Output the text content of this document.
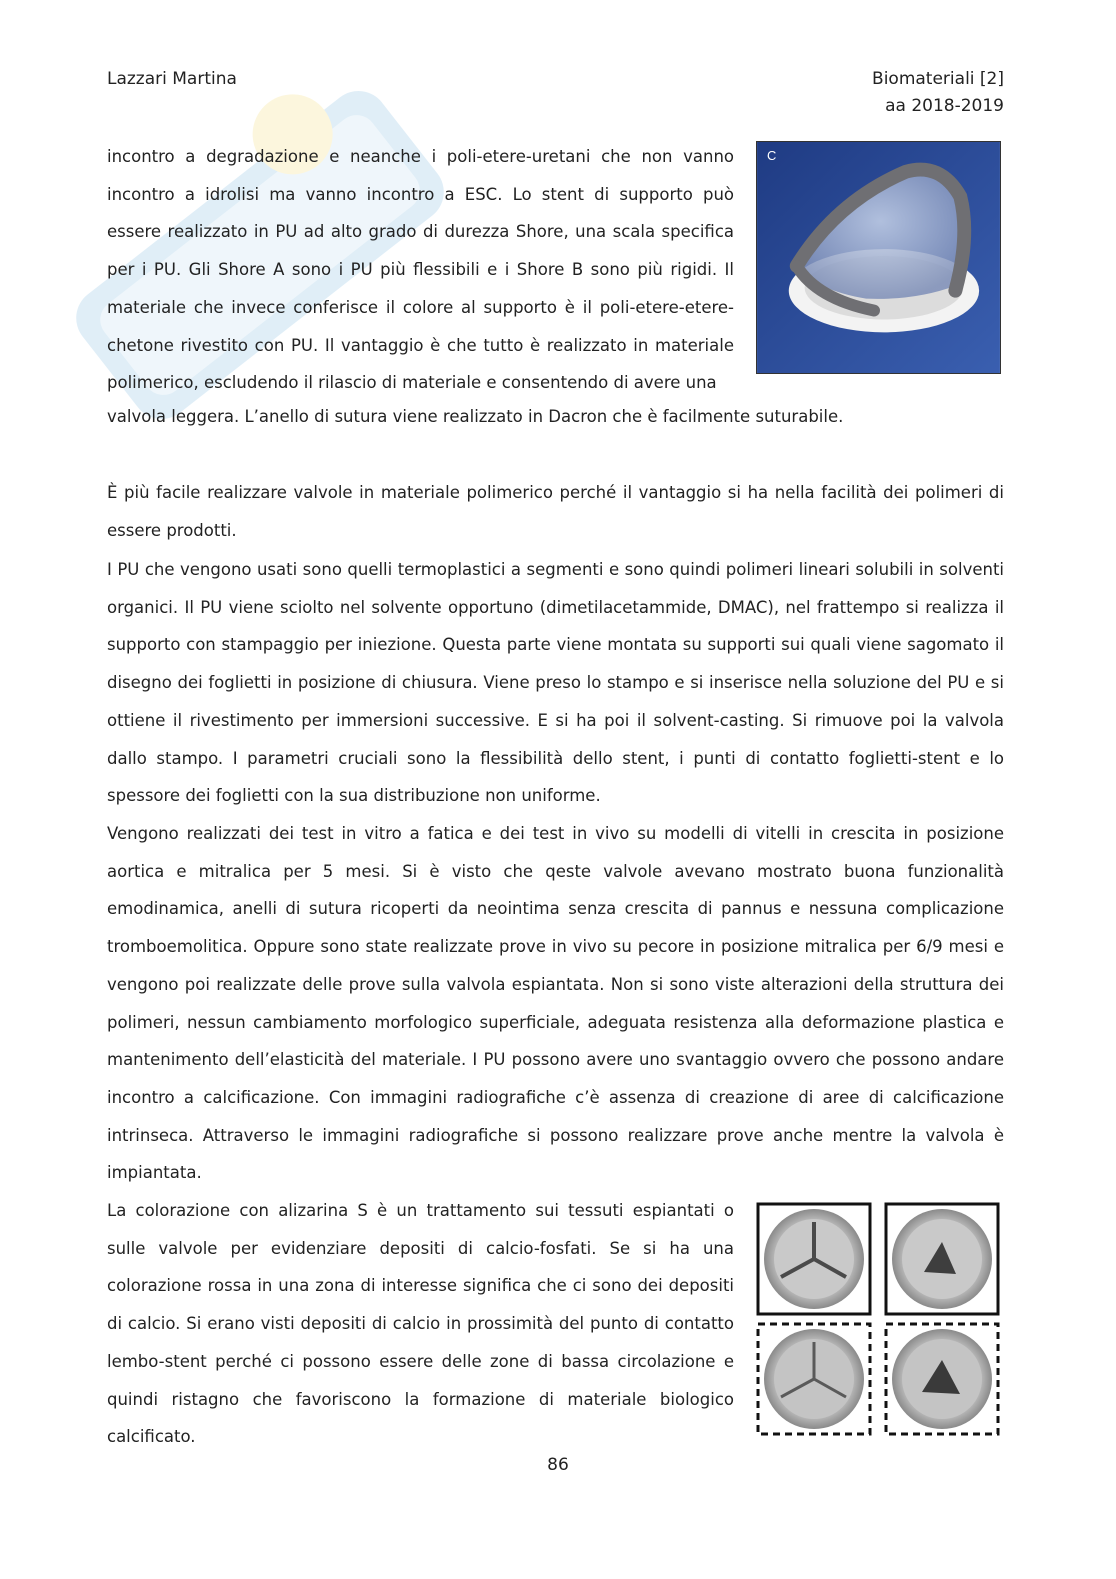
Lazzari Martina	Biomateriali [2]
aa 2018-2019
C

incontro a degradazione e neanche i poli-etere-uretani che non vanno incontro a idrolisi ma vanno incontro a ESC. Lo stent di supporto può essere realizzato in PU ad alto grado di durezza Shore, una scala specifica per i PU. Gli Shore A sono i PU più flessibili e i Shore B sono più rigidi. Il materiale che invece conferisce il colore al supporto è il poli-etere-etere-chetone rivestito con PU. Il vantaggio è che tutto è realizzato in materiale polimerico, escludendo il rilascio di materiale e consentendo di avere una

valvola leggera. L’anello di sutura viene realizzato in Dacron che è facilmente suturabile.

È più facile realizzare valvole in materiale polimerico perché il vantaggio si ha nella facilità dei polimeri di essere prodotti.

I PU che vengono usati sono quelli termoplastici a segmenti e sono quindi polimeri lineari solubili in solventi organici. Il PU viene sciolto nel solvente opportuno (dimetilacetammide, DMAC), nel frattempo si realizza il supporto con stampaggio per iniezione. Questa parte viene montata su supporti sui quali viene sagomato il disegno dei foglietti in posizione di chiusura. Viene preso lo stampo e si inserisce nella soluzione del PU e si ottiene il rivestimento per immersioni successive. E si ha poi il solvent-casting. Si rimuove poi la valvola dallo stampo. I parametri cruciali sono la flessibilità dello stent, i punti di contatto foglietti-stent e lo spessore dei foglietti con la sua distribuzione non uniforme.

Vengono realizzati dei test in vitro a fatica e dei test in vivo su modelli di vitelli in crescita in posizione aortica e mitralica per 5 mesi. Si è visto che qeste valvole avevano mostrato buona funzionalità emodinamica, anelli di sutura ricoperti da neointima senza crescita di pannus e nessuna complicazione tromboemolitica. Oppure sono state realizzate prove in vivo su pecore in posizione mitralica per 6/9 mesi e vengono poi realizzate delle prove sulla valvola espiantata. Non si sono viste alterazioni della struttura dei polimeri, nessun cambiamento morfologico superficiale, adeguata resistenza alla deformazione plastica e mantenimento dell’elasticità del materiale. I PU possono avere uno svantaggio ovvero che possono andare incontro a calcificazione. Con immagini radiografiche c’è assenza di creazione di aree di calcificazione intrinseca. Attraverso le immagini radiografiche si possono realizzare prove anche mentre la valvola è impiantata.

La colorazione con alizarina S è un trattamento sui tessuti espiantati o sulle valvole per evidenziare depositi di calcio-fosfati. Se si ha una colorazione rossa in una zona di interesse significa che ci sono dei depositi di calcio. Si erano visti depositi di calcio in prossimità del punto di contatto lembo-stent perché ci possono essere delle zone di bassa circolazione e quindi ristagno che favoriscono la formazione di materiale biologico calcificato.

86
